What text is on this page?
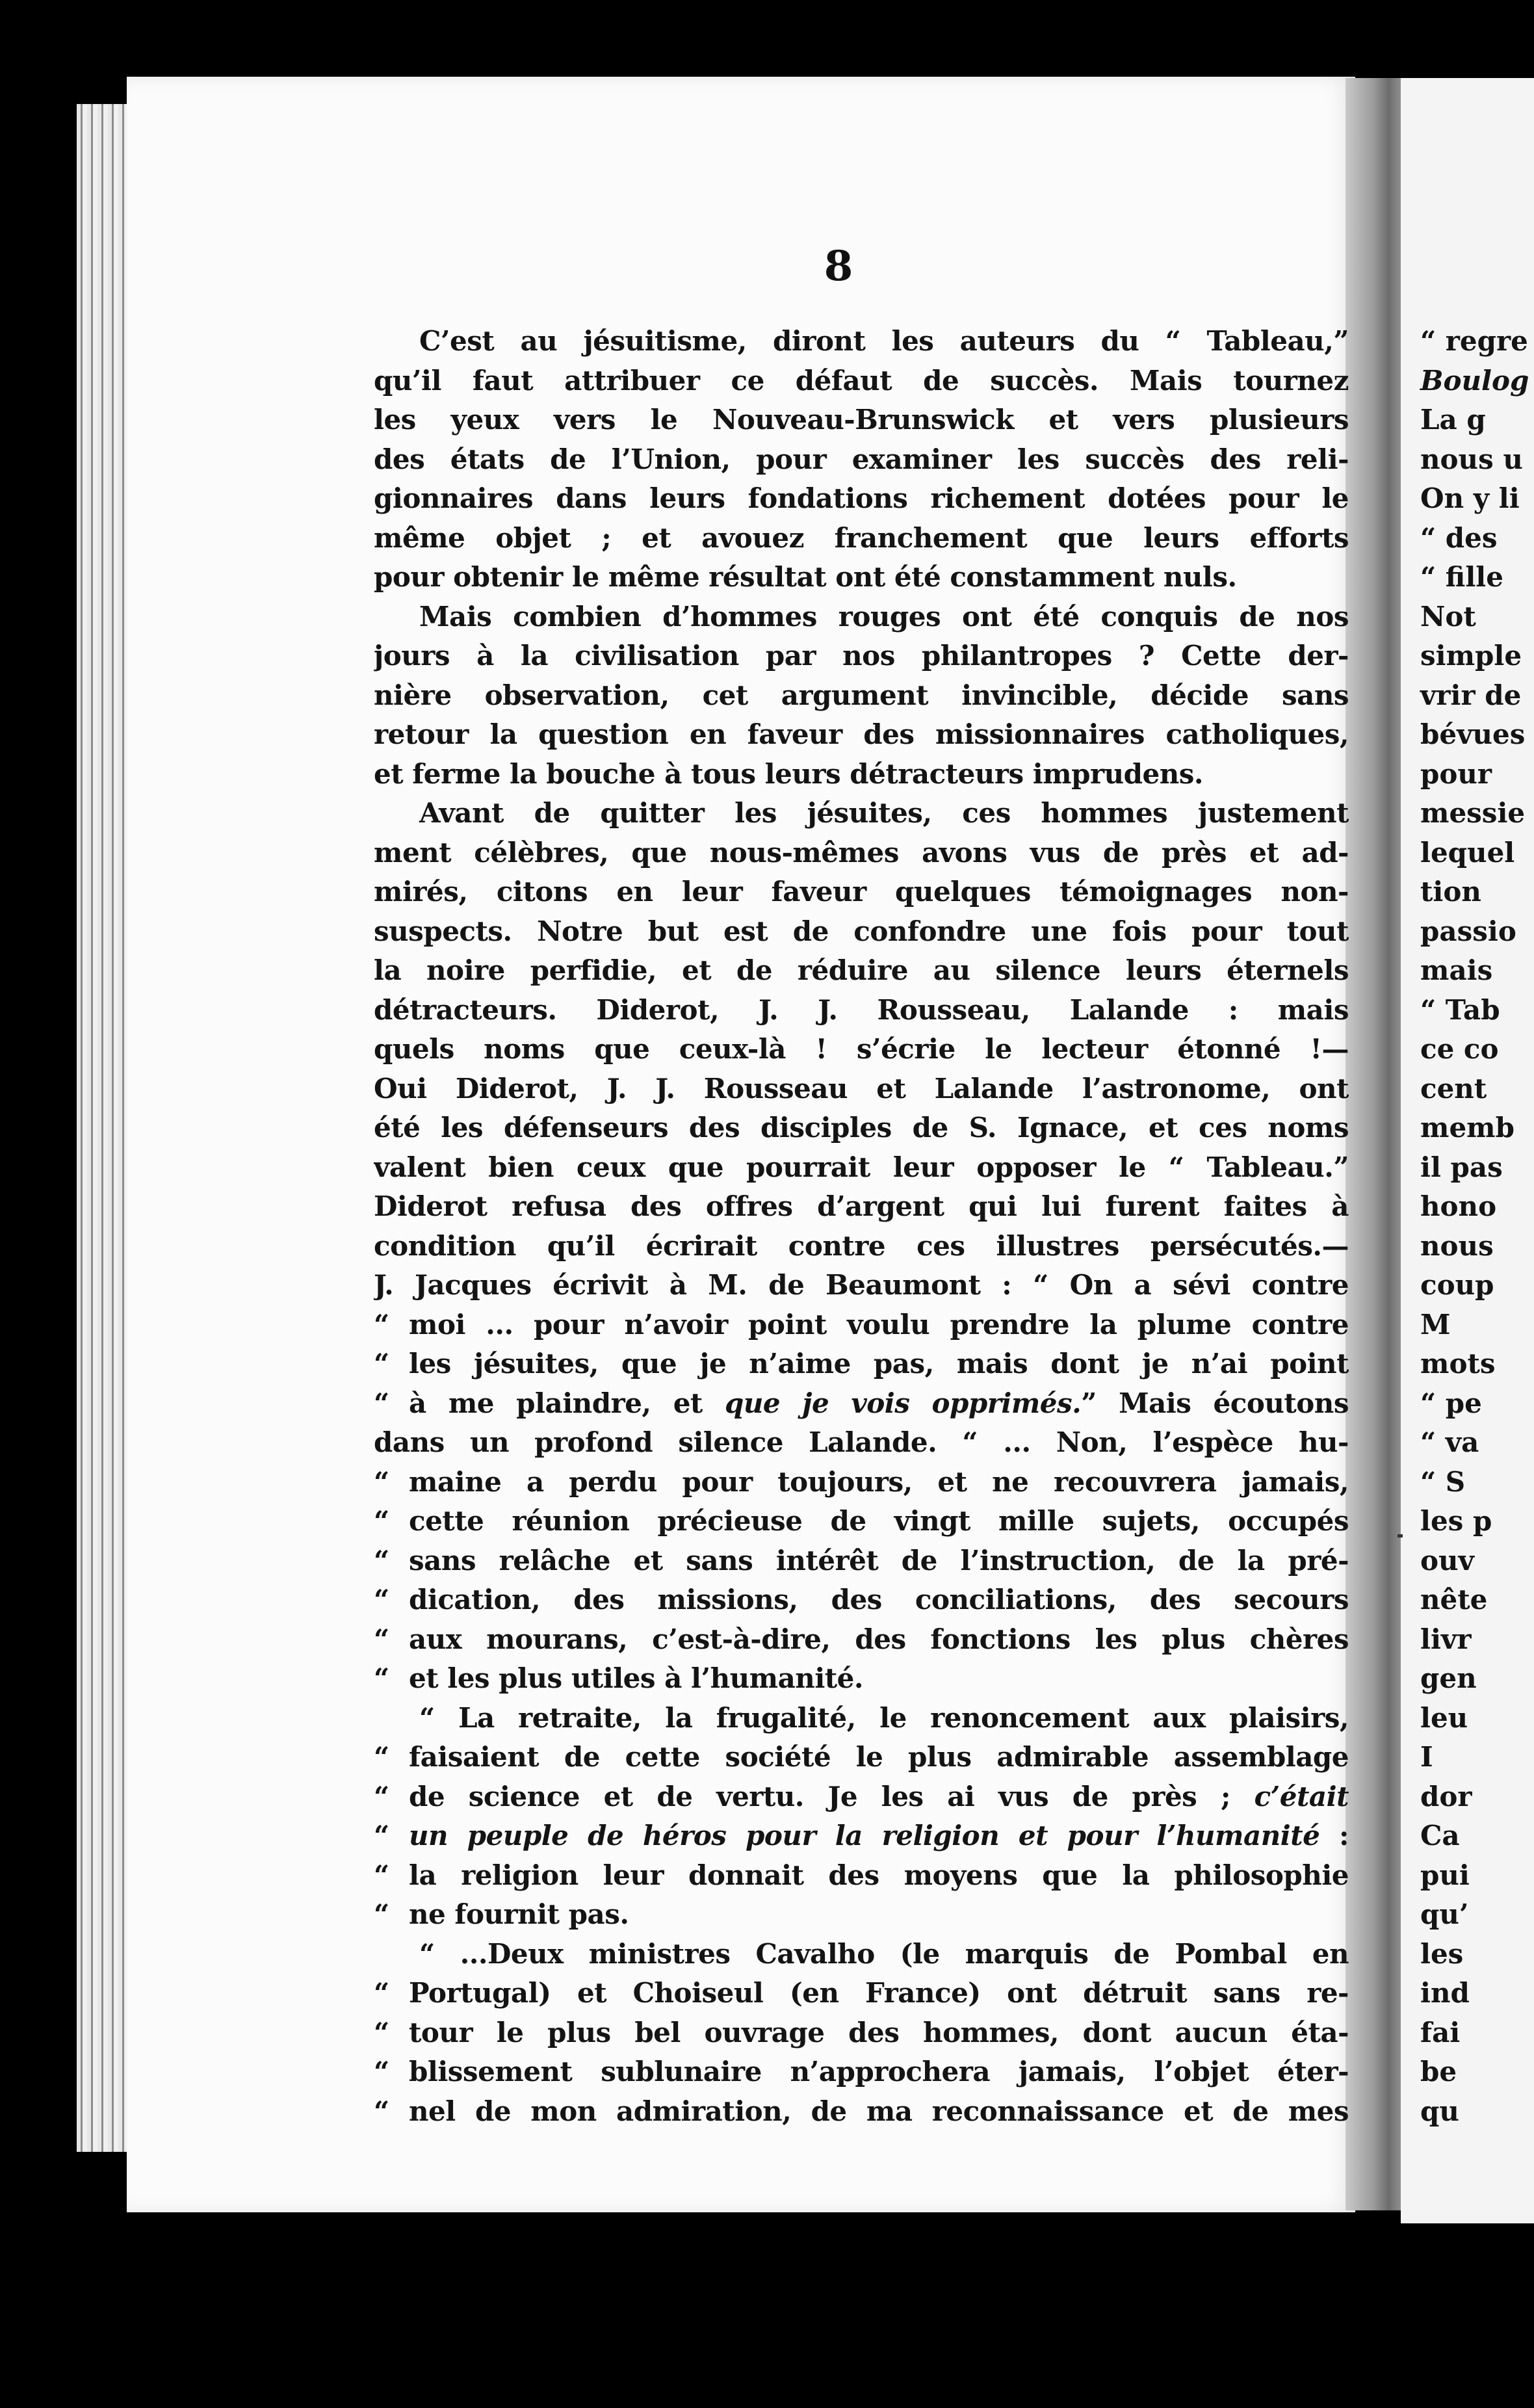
8
C’est au jésuitisme, diront les auteurs du “ Tableau,”
qu’il faut attribuer ce défaut de succès. Mais tournez
les yeux vers le Nouveau-Brunswick et vers plusieurs
des états de l’Union, pour examiner les succès des reli-
gionnaires dans leurs fondations richement dotées pour le
même objet ; et avouez franchement que leurs efforts
pour obtenir le même résultat ont été constamment nuls.
Mais combien d’hommes rouges ont été conquis de nos
jours à la civilisation par nos philantropes ? Cette der-
nière observation, cet argument invincible, décide sans
retour la question en faveur des missionnaires catholiques,
et ferme la bouche à tous leurs détracteurs imprudens.
Avant de quitter les jésuites, ces hommes justement
ment célèbres, que nous-mêmes avons vus de près et ad-
mirés, citons en leur faveur quelques témoignages non-
suspects. Notre but est de confondre une fois pour tout
la noire perfidie, et de réduire au silence leurs éternels
détracteurs. Diderot, J. J. Rousseau, Lalande : mais
quels noms que ceux-là ! s’écrie le lecteur étonné !—
Oui Diderot, J. J. Rousseau et Lalande l’astronome, ont
été les défenseurs des disciples de S. Ignace, et ces noms
valent bien ceux que pourrait leur opposer le “ Tableau.”
Diderot refusa des offres d’argent qui lui furent faites à
condition qu’il écrirait contre ces illustres persécutés.—
J. Jacques écrivit à M. de Beaumont : “ On a sévi contre
“ moi ... pour n’avoir point voulu prendre la plume contre
“ les jésuites, que je n’aime pas, mais dont je n’ai point
“ à me plaindre, et que je vois opprimés.” Mais écoutons
dans un profond silence Lalande. “ ... Non, l’espèce hu-
“ maine a perdu pour toujours, et ne recouvrera jamais,
“ cette réunion précieuse de vingt mille sujets, occupés
“ sans relâche et sans intérêt de l’instruction, de la pré-
“ dication, des missions, des conciliations, des secours
“ aux mourans, c’est-à-dire, des fonctions les plus chères
“ et les plus utiles à l’humanité.
“ La retraite, la frugalité, le renoncement aux plaisirs,
“ faisaient de cette société le plus admirable assemblage
“ de science et de vertu. Je les ai vus de près ; c’était
“ un peuple de héros pour la religion et pour l’humanité :
“ la religion leur donnait des moyens que la philosophie
“ ne fournit pas.
“ ...Deux ministres Cavalho (le marquis de Pombal en
“ Portugal) et Choiseul (en France) ont détruit sans re-
“ tour le plus bel ouvrage des hommes, dont aucun éta-
“ blissement sublunaire n’approchera jamais, l’objet éter-
“ nel de mon admiration, de ma reconnaissance et de mes
“ regre
Boulog
La g
nous u
On y li
“ des
“ fille
Not
simple
vrir de
bévues
pour
messie
lequel
tion
passio
mais
“ Tab
ce co
cent
memb
il pas
hono
nous
coup
M
mots
“ pe
“ va
“ S
les p
ouv
nête
livr
gen
leu
I
dor
Ca
pui
qu’
les
ind
fai
be
qu
